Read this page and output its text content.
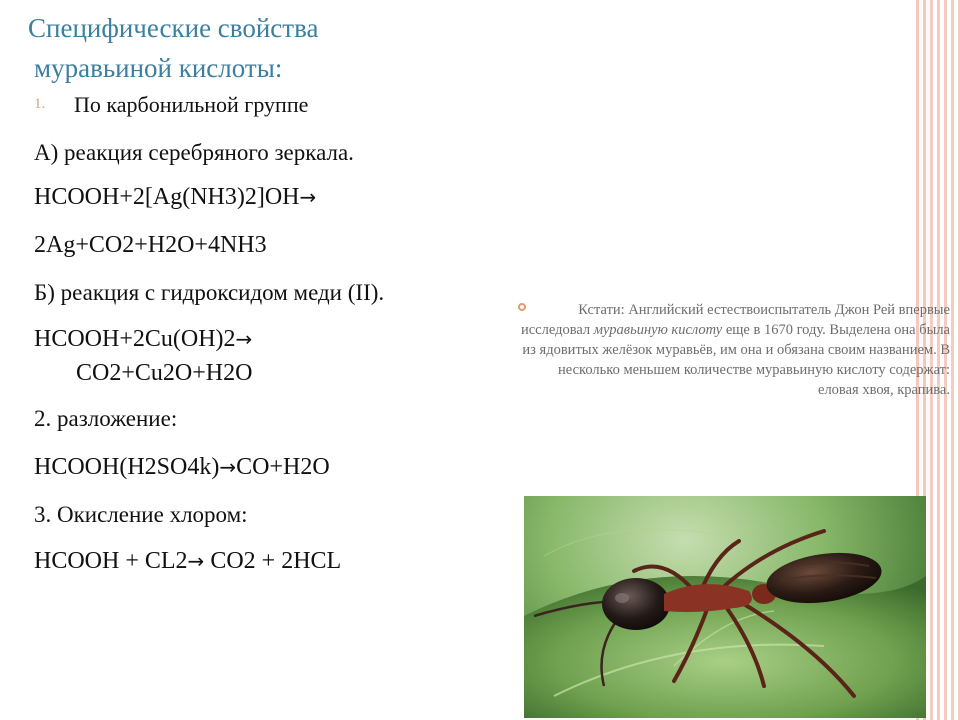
Специфические свойства
муравьиной кислоты:
1. По карбонильной группе
А) реакция серебряного зеркала.
HCOOH+2[Ag(NH3)2]OH→
2Ag+CO2+H2O+4NH3
Б) реакция с гидроксидом меди (II).
HCOOH+2Cu(OH)2→
CO2+Cu2O+H2O
2. разложение:
HCOOH(H2SO4k)→CO+H2O
3. Окисление хлором:
HCOOH + CL2→ CO2 + 2HCL
Кстати: Английский естествоиспытатель Джон Рей впервые исследовал муравьиную кислоту еще в 1670 году. Выделена она была из ядовитых желёзок муравьёв, им она и обязана своим названием. В несколько меньшем количестве муравьиную кислоту содержат: еловая хвоя, крапива.
